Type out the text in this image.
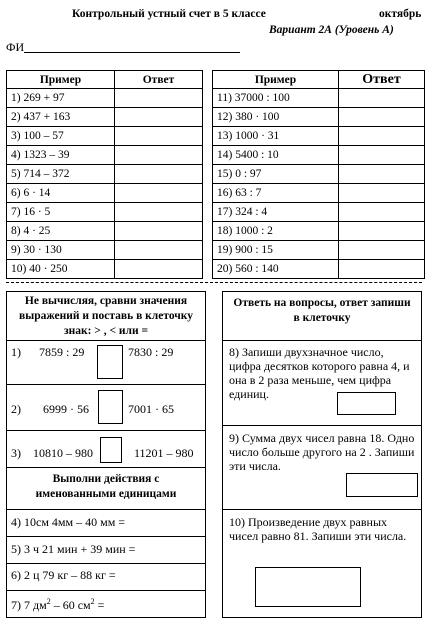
Контрольный устный счет в 5 классе	октябрь
Вариант 2А (Уровень А)
ФИ
Пример	Ответ
1) 269 + 97	
2) 437 + 163	
3) 100 – 57	
4) 1323 – 39	
5) 714 – 372	
6) 6 · 14	
7) 16 · 5	
8) 4 · 25	
9) 30 · 130	
10) 40 · 250	
Пример	Ответ
11) 37000 : 100	
12) 380 · 100	
13) 1000 · 31	
14) 5400 : 10	
15) 0 : 97	
16) 63 : 7	
17) 324 : 4	
18) 1000 : 2	
19) 900 : 15	
20) 560 : 140	
Не вычисляя, сравни значения выражений и поставь в клеточку знак: > , < или =
1) 7859 : 29	7830 : 29
2) 6999 · 56	7001 · 65
3) 10810 – 980	11201 – 980
Выполни действия с именованными единицами
4) 10см 4мм – 40 мм =
5) 3 ч 21 мин + 39 мин =
6) 2 ц 79 кг – 88 кг =
7) 7 $дм^2 - 60$ $см^2$ =
Ответь на вопросы, ответ запиши в клеточку
8) Запиши двухзначное число, цифра десятков которого равна 4, и она в 2 раза меньше, чем цифра единиц.
9) Сумма двух чисел равна 18. Одно число больше другого на 2 . Запиши эти числа.
10) Произведение двух равных чисел равно 81. Запиши эти числа.
